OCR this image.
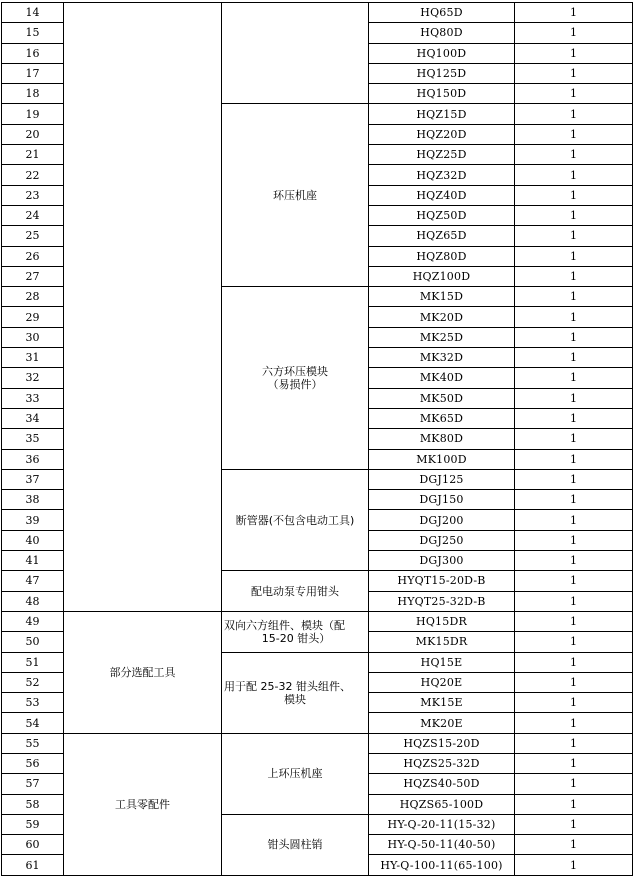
14			HQ65D	1
15			HQ80D	1
16			HQ100D	1
17			HQ125D	1
18			HQ150D	1
19		环压机座	HQZ15D	1
20			HQZ20D	1
21			HQZ25D	1
22			HQZ32D	1
23			HQZ40D	1
24			HQZ50D	1
25			HQZ65D	1
26			HQZ80D	1
27			HQZ100D	1
28		六方环压模块
（易损件）	MK15D	1
29			MK20D	1
30			MK25D	1
31			MK32D	1
32			MK40D	1
33			MK50D	1
34			MK65D	1
35			MK80D	1
36			MK100D	1
37		断管器(不包含电动工具)	DGJ125	1
38			DGJ150	1
39			DGJ200	1
40			DGJ250	1
41			DGJ300	1
47		配电动泵专用钳头	HYQT15-20D-B	1
48			HYQT25-32D-B	1
49	部分选配工具	双向六方组件、模块（配
15-20 钳头）	HQ15DR	1
50			MK15DR	1
51		用于配 25-32 钳头组件、
模块	HQ15E	1
52			HQ20E	1
53			MK15E	1
54			MK20E	1
55	工具零配件	上环压机座	HQZS15-20D	1
56			HQZS25-32D	1
57			HQZS40-50D	1
58			HQZS65-100D	1
59		钳头圆柱销	HY-Q-20-11(15-32)	1
60			HY-Q-50-11(40-50)	1
61			HY-Q-100-11(65-100)	1
